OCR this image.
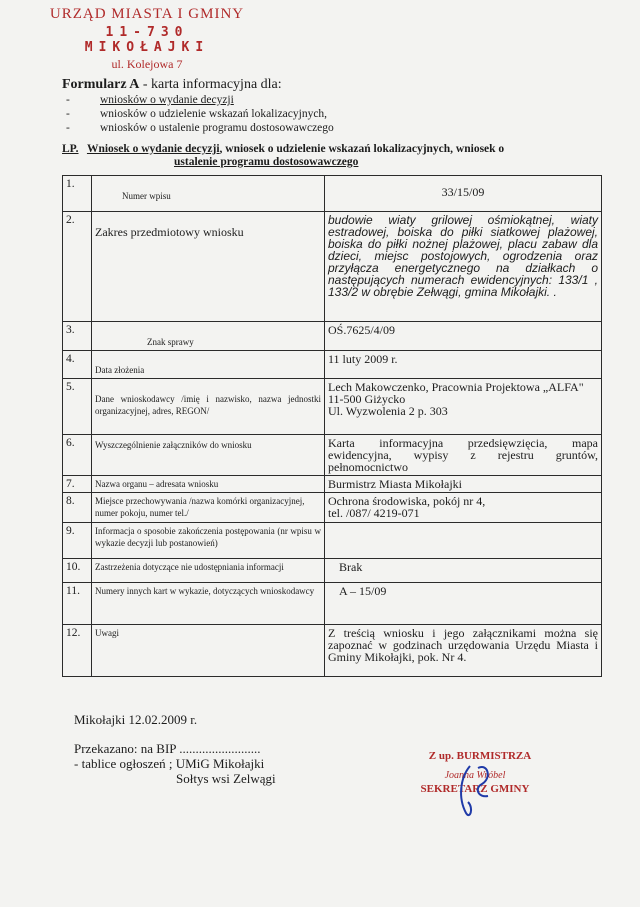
URZĄD MIASTA I GMINY
11-730 MIKOŁAJKI
ul. Kolejowa 7
Formularz A - karta informacyjna dla:
-	wniosków o wydanie decyzji
-	wniosków o udzielenie wskazań lokalizacyjnych,
-	wniosków o ustalenie programu dostosowawczego
LP. Wniosek o wydanie decyzji, wniosek o udzielenie wskazań lokalizacyjnych, wniosek o
ustalenie programu dostosowawczego
1.	Numer wpisu	33/15/09
2.	Zakres przedmiotowy wniosku	budowie wiaty grilowej ośmiokątnej, wiaty estradowej, boiska do piłki siatkowej plażowej, boiska do piłki nożnej plażowej, placu zabaw dla dzieci, miejsc postojowych, ogrodzenia oraz przyłącza energetycznego na działkach o następujących numerach ewidencyjnych: 133/1 , 133/2 w obrębie Zełwągi, gmina Mikołajki. .
3.	Znak sprawy	OŚ.7625/4/09
4.	Data złożenia	11 luty 2009 r.
5.	Dane wnioskodawcy /imię i nazwisko, nazwa jednostki organizacyjnej, adres, REGON/	Lech Makowczenko, Pracownia Projektowa „ALFA"
11-500 Giżycko
Ul. Wyzwolenia 2 p. 303

6.	Wyszczególnienie załączników do wniosku	Karta informacyjna przedsięwzięcia, mapa ewidencyjna, wypisy z rejestru gruntów, pełnomocnictwo
7.	Nazwa organu – adresata wniosku	Burmistrz Miasta Mikołajki
8.	Miejsce przechowywania /nazwa komórki organizacyjnej, numer pokoju, numer tel./	Ochrona środowiska, pokój nr 4,
tel. /087/ 4219-071

9.	Informacja o sposobie zakończenia postępowania (nr wpisu w wykazie decyzji lub postanowień)	
10.	Zastrzeżenia dotyczące nie udostępniania informacji	Brak
11.	Numery innych kart w wykazie, dotyczących wnioskodawcy	A – 15/09
12.	Uwagi	Z treścią wniosku i jego załącznikami można się zapoznać w godzinach urzędowania Urzędu Miasta i Gminy Mikołajki, pok. Nr 4.
Mikołajki 12.02.2009 r.
Przekazano: na BIP .........................
- tablice ogłoszeń ; UMiG Mikołajki
Sołtys wsi Zelwągi
Z up. BURMISTRZA
Joanna Wróbel
SEKRETARZ GMINY
